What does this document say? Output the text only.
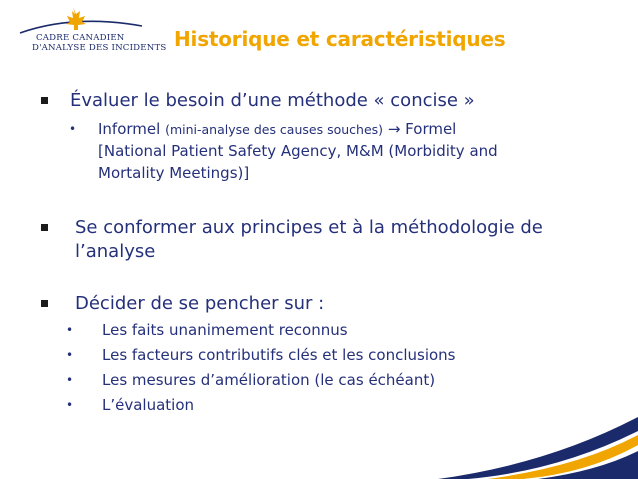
CADRE CANADIEN
D'ANALYSE DES INCIDENTS Historique et caractéristiques
Évaluer le besoin d’une méthode « concise »
• Informel (mini-analyse des causes souches) → Formel
[National Patient Safety Agency, M&M (Morbidity and
Mortality Meetings)]
Se conformer aux principes et à la méthodologie de
l’analyse
Décider de se pencher sur :
• Les faits unanimement reconnus
• Les facteurs contributifs clés et les conclusions
• Les mesures d’amélioration (le cas échéant)
• L’évaluation
